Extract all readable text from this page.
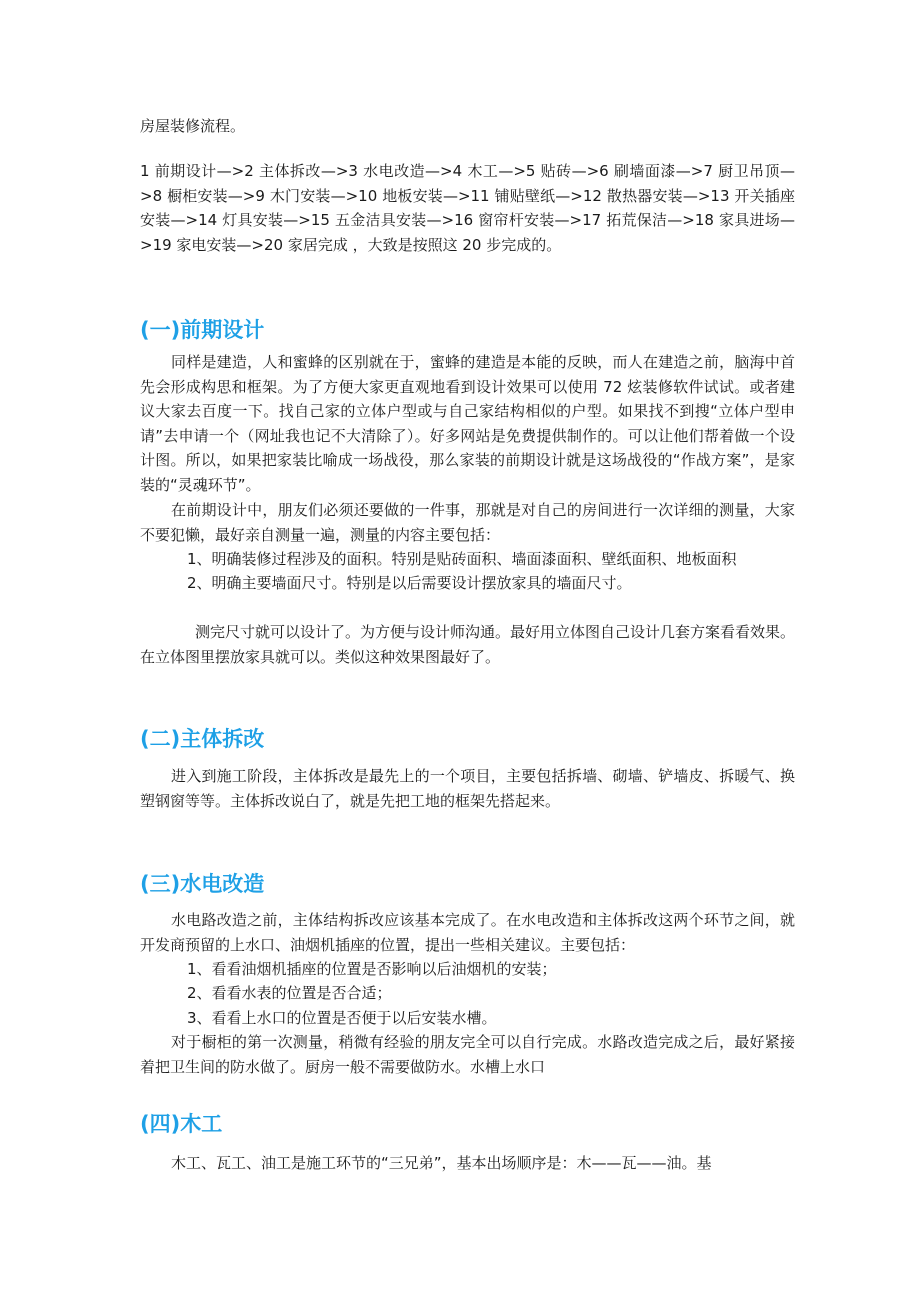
房屋装修流程。

1 前期设计—>2 主体拆改—>3 水电改造—>4 木工—>5 贴砖—>6 刷墙面漆—>7 厨卫吊顶—>8 橱柜安装—>9 木门安装—>10 地板安装—>11 铺贴壁纸—>12 散热器安装—>13 开关插座安装—>14 灯具安装—>15 五金洁具安装—>16 窗帘杆安装—>17 拓荒保洁—>18 家具进场—>19 家电安装—>20 家居完成 ，大致是按照这 20 步完成的。

(一)前期设计

同样是建造，人和蜜蜂的区别就在于，蜜蜂的建造是本能的反映，而人在建造之前，脑海中首先会形成构思和框架。为了方便大家更直观地看到设计效果可以使用 72 炫装修软件试试。或者建议大家去百度一下。找自己家的立体户型或与自己家结构相似的户型。如果找不到搜“立体户型申请”去申请一个（网址我也记不大清除了）。好多网站是免费提供制作的。可以让他们帮着做一个设计图。所以，如果把家装比喻成一场战役，那么家装的前期设计就是这场战役的“作战方案”，是家装的“灵魂环节”。

在前期设计中，朋友们必须还要做的一件事，那就是对自己的房间进行一次详细的测量，大家不要犯懒，最好亲自测量一遍，测量的内容主要包括：

1、明确装修过程涉及的面积。特别是贴砖面积、墙面漆面积、壁纸面积、地板面积

2、明确主要墙面尺寸。特别是以后需要设计摆放家具的墙面尺寸。

测完尺寸就可以设计了。为方便与设计师沟通。最好用立体图自己设计几套方案看看效果。在立体图里摆放家具就可以。类似这种效果图最好了。

(二)主体拆改

进入到施工阶段，主体拆改是最先上的一个项目，主要包括拆墙、砌墙、铲墙皮、拆暖气、换塑钢窗等等。主体拆改说白了，就是先把工地的框架先搭起来。

(三)水电改造

水电路改造之前，主体结构拆改应该基本完成了。在水电改造和主体拆改这两个环节之间，就开发商预留的上水口、油烟机插座的位置，提出一些相关建议。主要包括：

1、看看油烟机插座的位置是否影响以后油烟机的安装；

2、看看水表的位置是否合适；

3、看看上水口的位置是否便于以后安装水槽。

对于橱柜的第一次测量，稍微有经验的朋友完全可以自行完成。水路改造完成之后，最好紧接着把卫生间的防水做了。厨房一般不需要做防水。水槽上水口

(四)木工

木工、瓦工、油工是施工环节的“三兄弟”，基本出场顺序是：木——瓦——油。基
